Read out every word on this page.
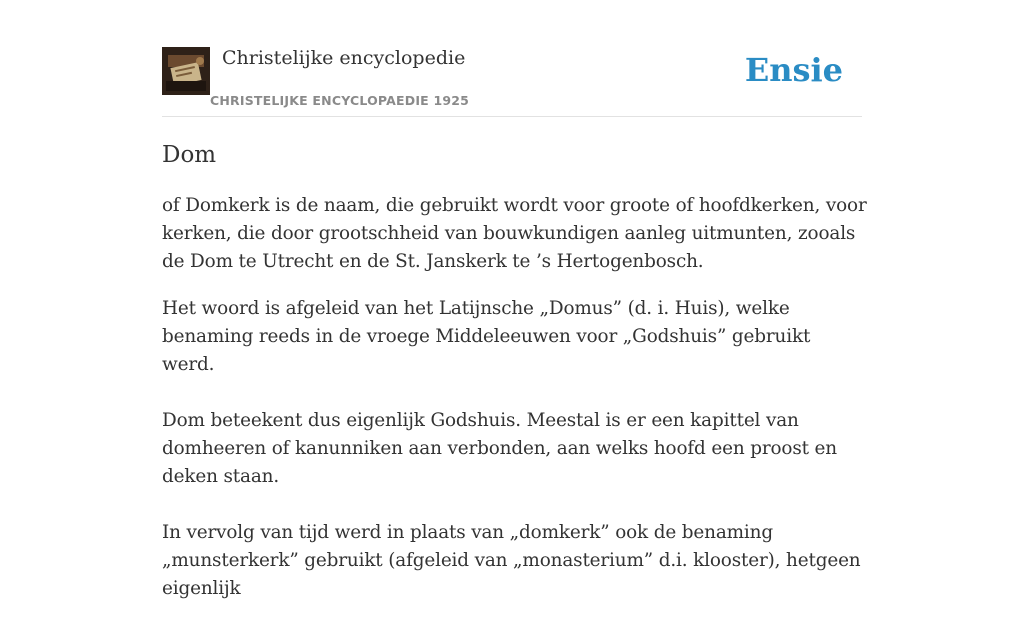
Christelijke encyclopedie
CHRISTELIJKE ENCYCLOPAEDIE 1925
Ensie
Dom

of Domkerk is de naam, die gebruikt wordt voor groote of hoofdkerken, voor kerken, die door grootschheid van bouwkundigen aanleg uitmunten, zooals de Dom te Utrecht en de St. Janskerk te ’s Hertogenbosch.

Het woord is afgeleid van het Latijnsche „Domus” (d. i. Huis), welke benaming reeds in de vroege Middeleeuwen voor „Godshuis” gebruikt werd.

Dom beteekent dus eigenlijk Godshuis. Meestal is er een kapittel van domheeren of kanunniken aan verbonden, aan welks hoofd een proost en deken staan.

In vervolg van tijd werd in plaats van „domkerk” ook de benaming „munsterkerk” gebruikt (afgeleid van „monasterium” d.i. klooster), hetgeen eigenlijk
